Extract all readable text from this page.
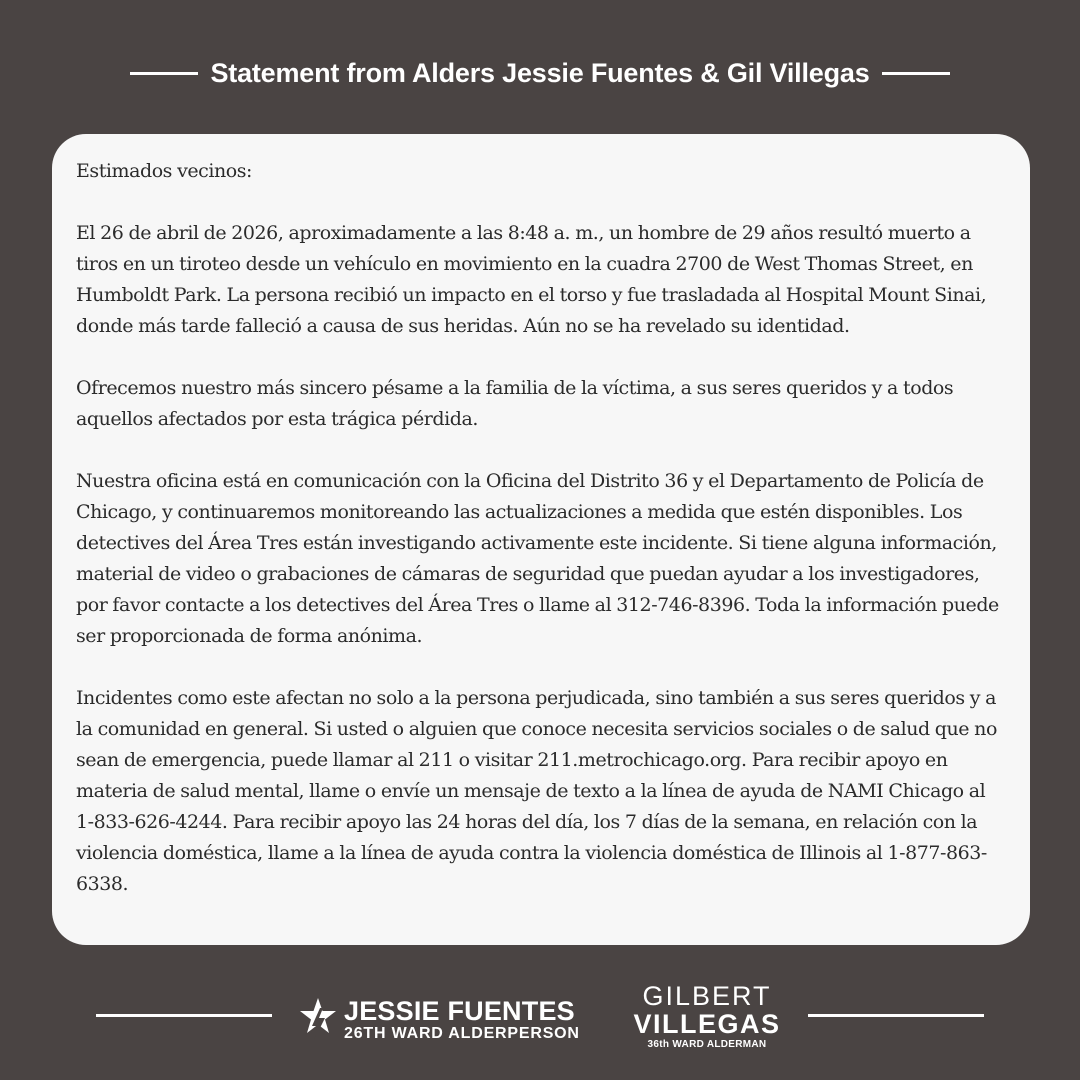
Statement from Alders Jessie Fuentes & Gil Villegas

Estimados vecinos:

El 26 de abril de 2026, aproximadamente a las 8:48 a. m., un hombre de 29 años resultó muerto a tiros en un tiroteo desde un vehículo en movimiento en la cuadra 2700 de West Thomas Street, en Humboldt Park. La persona recibió un impacto en el torso y fue trasladada al Hospital Mount Sinai, donde más tarde falleció a causa de sus heridas. Aún no se ha revelado su identidad.

Ofrecemos nuestro más sincero pésame a la familia de la víctima, a sus seres queridos y a todos aquellos afectados por esta trágica pérdida.

Nuestra oficina está en comunicación con la Oficina del Distrito 36 y el Departamento de Policía de Chicago, y continuaremos monitoreando las actualizaciones a medida que estén disponibles. Los detectives del Área Tres están investigando activamente este incidente. Si tiene alguna información, material de video o grabaciones de cámaras de seguridad que puedan ayudar a los investigadores, por favor contacte a los detectives del Área Tres o llame al 312-746-8396. Toda la información puede ser proporcionada de forma anónima.

Incidentes como este afectan no solo a la persona perjudicada, sino también a sus seres queridos y a la comunidad en general. Si usted o alguien que conoce necesita servicios sociales o de salud que no sean de emergencia, puede llamar al 211 o visitar 211.metrochicago.org. Para recibir apoyo en materia de salud mental, llame o envíe un mensaje de texto a la línea de ayuda de NAMI Chicago al 1-833-626-4244. Para recibir apoyo las 24 horas del día, los 7 días de la semana, en relación con la violencia doméstica, llame a la línea de ayuda contra la violencia doméstica de Illinois al 1-877-863-6338.

JESSIE FUENTES
26TH WARD ALDERPERSON
GILBERT
VILLEGAS
36th WARD ALDERMAN
